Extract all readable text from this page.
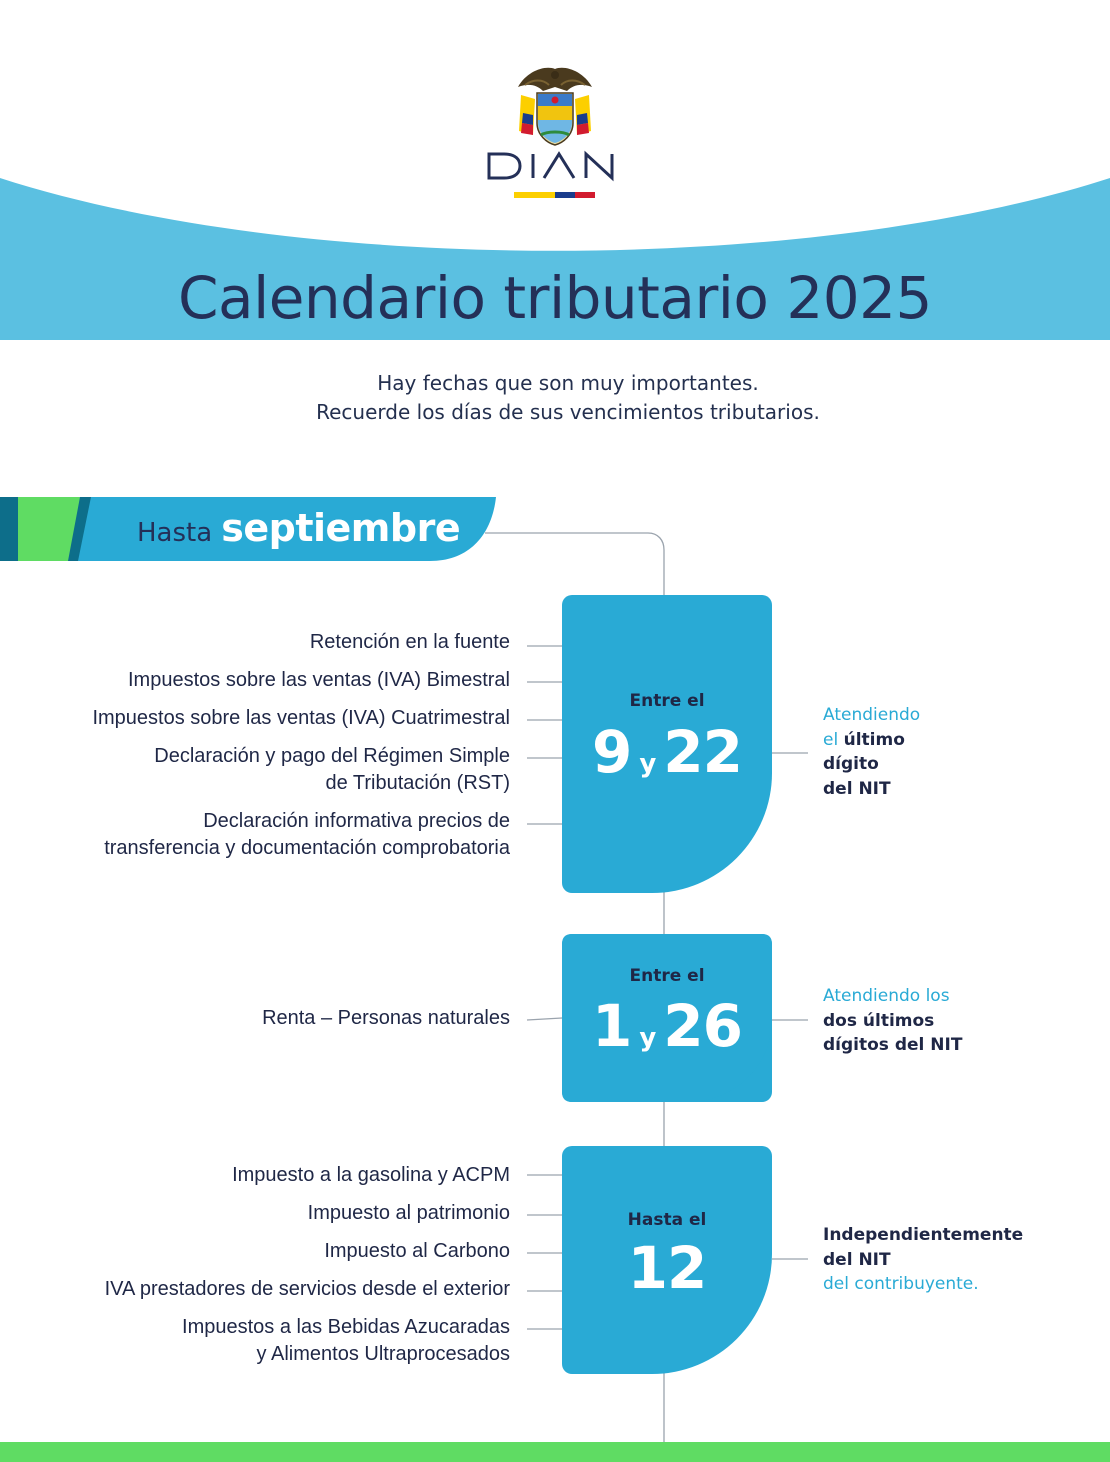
Calendario tributario 2025
Hay fechas que son muy importantes.
Recuerde los días de sus vencimientos tributarios.
Hasta septiembre
Retención en la fuente
Impuestos sobre las ventas (IVA) Bimestral
Impuestos sobre las ventas (IVA) Cuatrimestral
Declaración y pago del Régimen Simple
de Tributación (RST)
Declaración informativa precios de
transferencia y documentación comprobatoria
Entre el
9 y 22
Atendiendo
el último
dígito
del NIT
Renta – Personas naturales
Entre el
1 y 26	Atendiendo los
dos últimos
dígitos del NIT
Impuesto a la gasolina y ACPM
Impuesto al patrimonio
Impuesto al Carbono
IVA prestadores de servicios desde el exterior
Impuestos a las Bebidas Azucaradas
y Alimentos Ultraprocesados
Hasta el
12	Independientemente
del NIT
del contribuyente.
